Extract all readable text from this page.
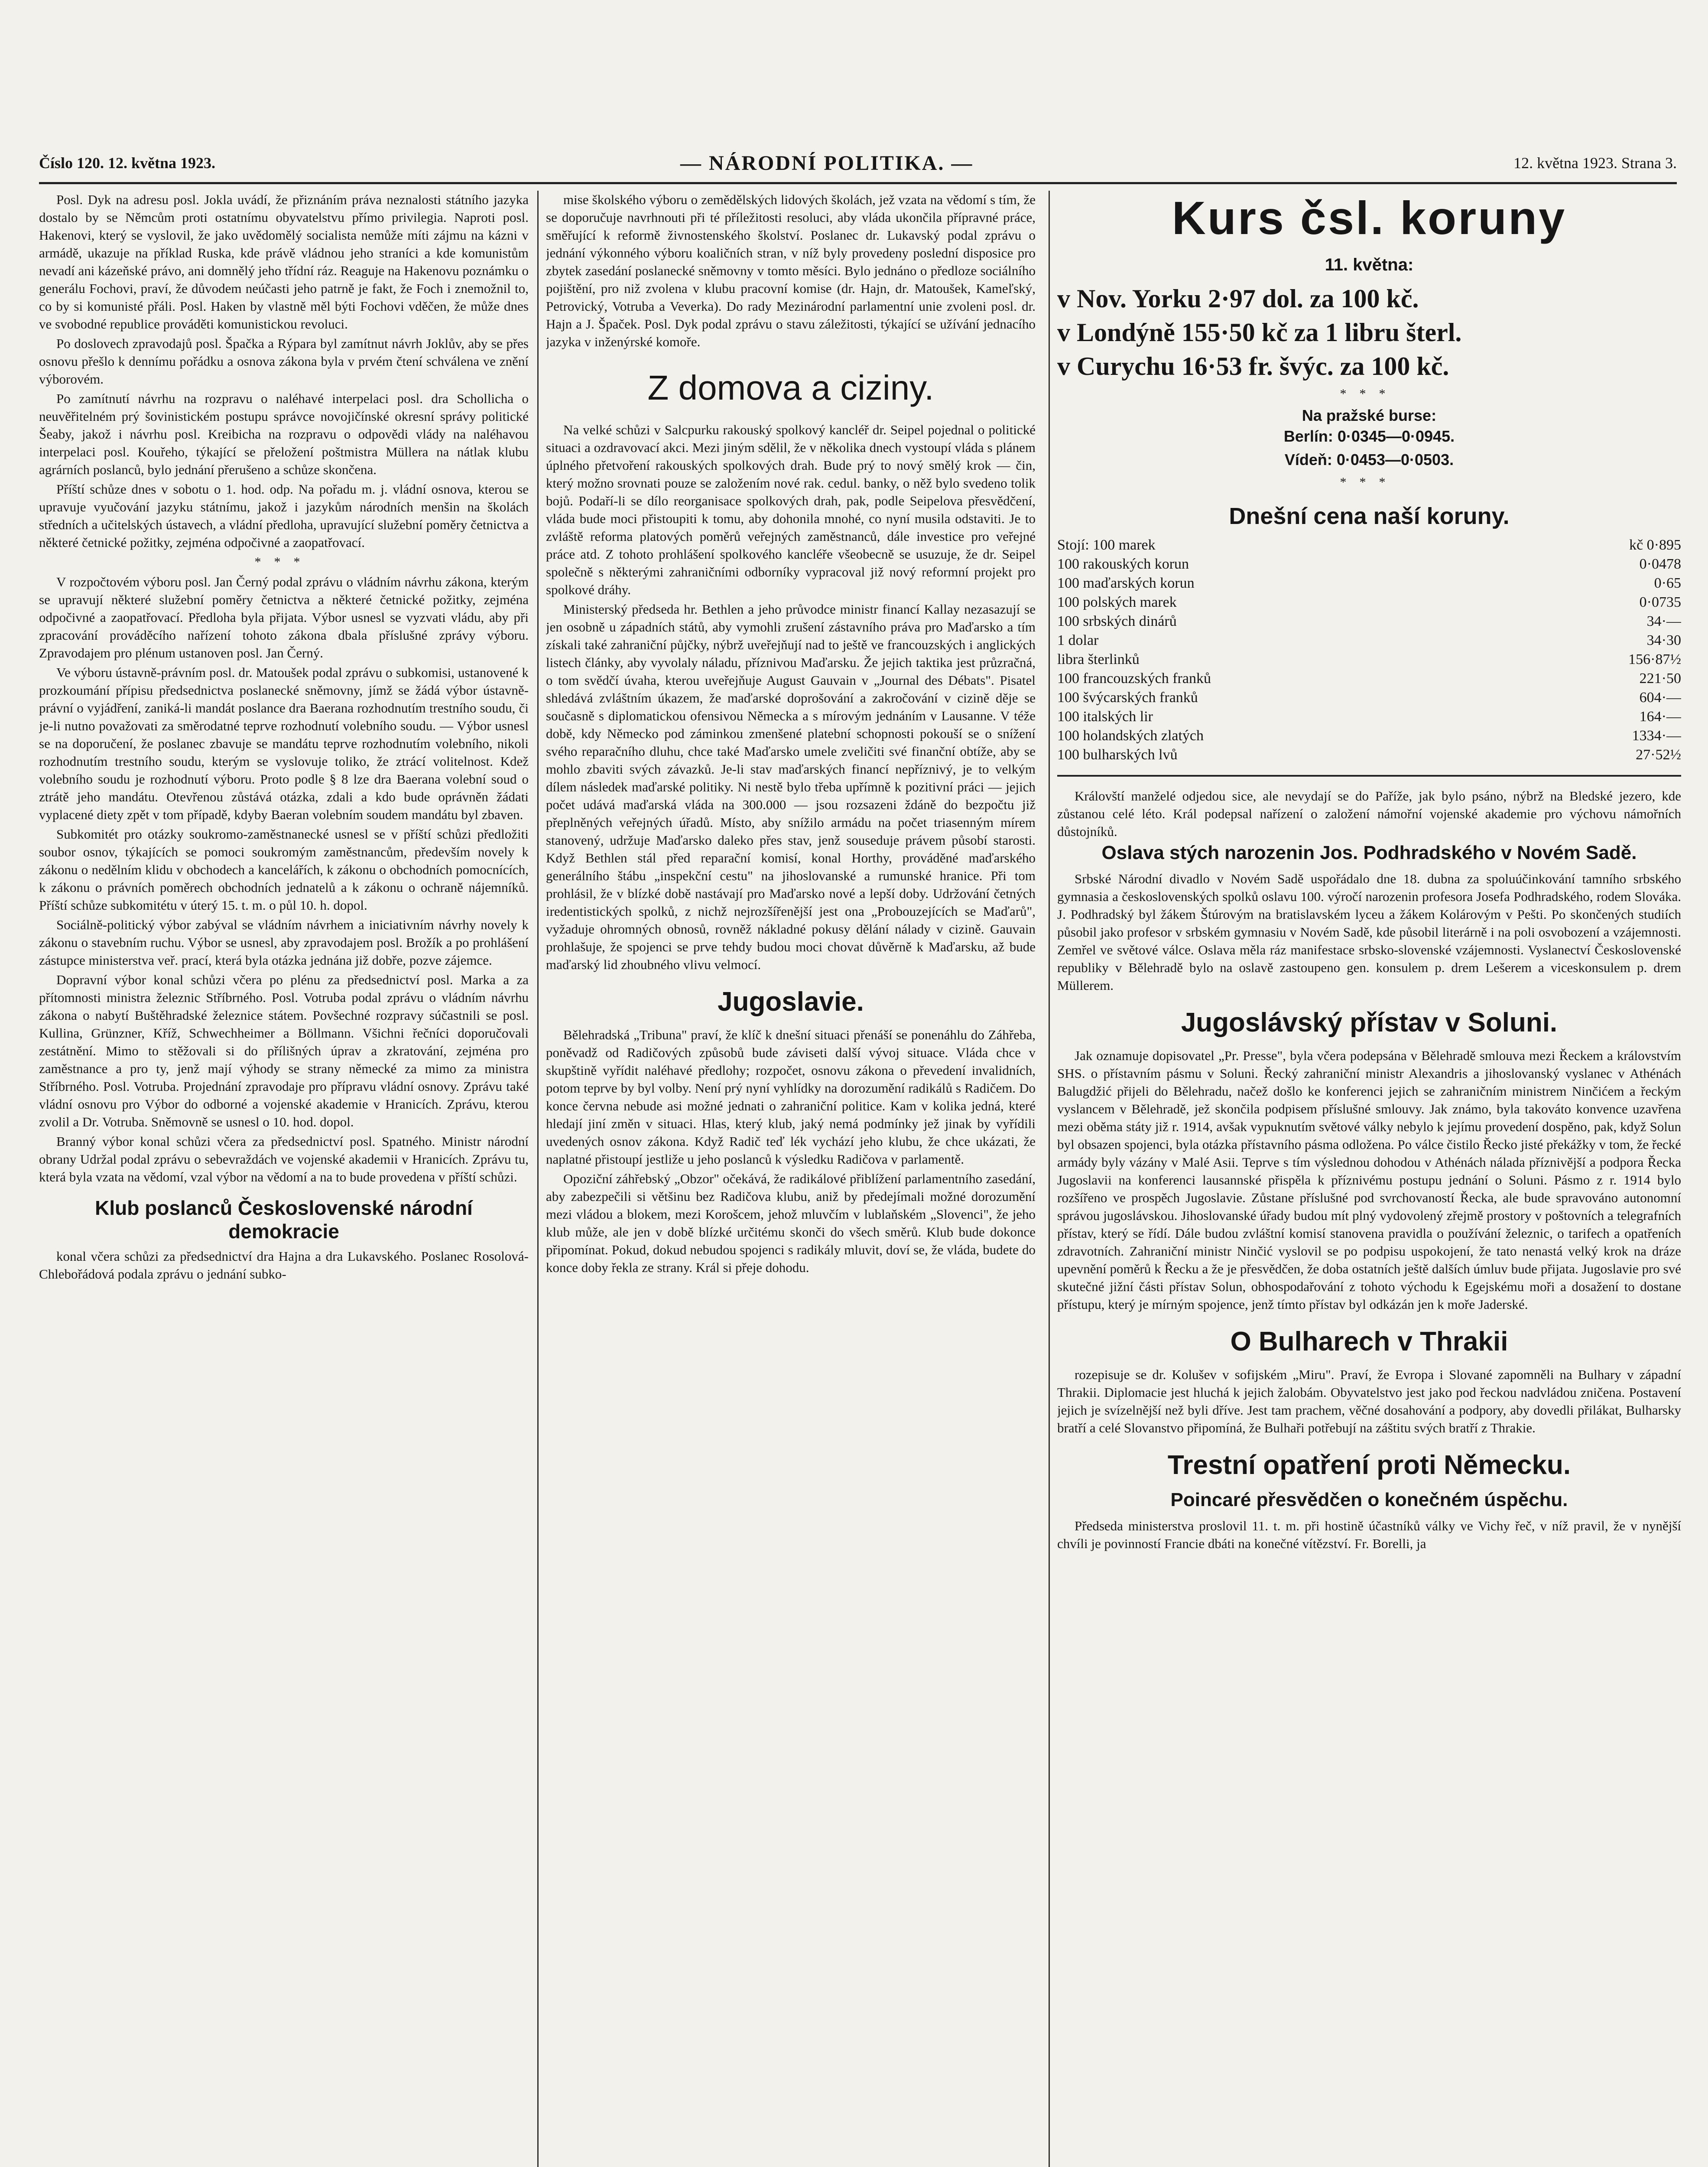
Číslo 120. 12. května 1923.	— NÁRODNÍ POLITIKA. —	12. května 1923. Strana 3.

Posl. Dyk na adresu posl. Jokla uvádí, že přiznáním práva neznalosti státního jazyka dostalo by se Němcům proti ostatnímu obyvatelstvu přímo privilegia. Naproti posl. Hakenovi, který se vyslovil, že jako uvědomělý socialista nemůže míti zájmu na kázni v armádě, ukazuje na příklad Ruska, kde právě vládnou jeho straníci a kde komunistům nevadí ani kázeňské právo, ani domnělý jeho třídní ráz. Reaguje na Hakenovu poznámku o generálu Fochovi, praví, že důvodem neúčasti jeho patrně je fakt, že Foch i znemožnil to, co by si komunisté přáli. Posl. Haken by vlastně měl býti Fochovi vděčen, že může dnes ve svobodné republice prováděti komunistickou revoluci.

Po doslovech zpravodajů posl. Špačka a Rýpara byl zamítnut návrh Joklův, aby se přes osnovu přešlo k dennímu pořádku a osnova zákona byla v prvém čtení schválena ve znění výborovém.

Po zamítnutí návrhu na rozpravu o naléhavé interpelaci posl. dra Schollicha o neuvěřitelném prý šovinistickém postupu správce novojičínské okresní správy politické Šeaby, jakož i návrhu posl. Kreibicha na rozpravu o odpovědi vlády na naléhavou interpelaci posl. Kouřeho, týkající se přeložení poštmistra Müllera na nátlak klubu agrárních poslanců, bylo jednání přerušeno a schůze skončena.

Příští schůze dnes v sobotu o 1. hod. odp. Na pořadu m. j. vládní osnova, kterou se upravuje vyučování jazyku státnímu, jakož i jazykům národních menšin na školách středních a učitelských ústavech, a vládní předloha, upravující služební poměry četnictva a některé četnické požitky, zejména odpočivné a zaopatřovací.

***

V rozpočtovém výboru posl. Jan Černý podal zprávu o vládním návrhu zákona, kterým se upravují některé služební poměry četnictva a některé četnické požitky, zejména odpočivné a zaopatřovací. Předloha byla přijata. Výbor usnesl se vyzvati vládu, aby při zpracování prováděcího nařízení tohoto zákona dbala příslušné zprávy výboru. Zpravodajem pro plénum ustanoven posl. Jan Černý.

Ve výboru ústavně-právním posl. dr. Matoušek podal zprávu o subkomisi, ustanovené k prozkoumání přípisu předsednictva poslanecké sněmovny, jímž se žádá výbor ústavně-právní o vyjádření, zaniká-li mandát poslance dra Baerana rozhodnutím trestního soudu, či je-li nutno považovati za směrodatné teprve rozhodnutí volebního soudu. — Výbor usnesl se na doporučení, že poslanec zbavuje se mandátu teprve rozhodnutím volebního, nikoli rozhodnutím trestního soudu, kterým se vyslovuje toliko, že ztrácí volitelnost. Kdež volebního soudu je rozhodnutí výboru. Proto podle § 8 lze dra Baerana volební soud o ztrátě jeho mandátu. Otevřenou zůstává otázka, zdali a kdo bude oprávněn žádati vyplacené diety zpět v tom případě, kdyby Baeran volebním soudem mandátu byl zbaven.

Subkomitét pro otázky soukromo-zaměstnanecké usnesl se v příští schůzi předložiti soubor osnov, týkajících se pomoci soukromým zaměstnancům, především novely k zákonu o nedělním klidu v obchodech a kancelářích, k zákonu o obchodních pomocnících, k zákonu o právních poměrech obchodních jednatelů a k zákonu o ochraně nájemníků. Příští schůze subkomitétu v úterý 15. t. m. o půl 10. h. dopol.

Sociálně-politický výbor zabýval se vládním návrhem a iniciativním návrhy novely k zákonu o stavebním ruchu. Výbor se usnesl, aby zpravodajem posl. Brožík a po prohlášení zástupce ministerstva veř. prací, která byla otázka jednána již dobře, pozve zájemce.

Dopravní výbor konal schůzi včera po plénu za předsednictví posl. Marka a za přítomnosti ministra železnic Stříbrného. Posl. Votruba podal zprávu o vládním návrhu zákona o nabytí Buštěhradské železnice státem. Povšechné rozpravy súčastnili se posl. Kullina, Grünzner, Kříž, Schwechheimer a Böllmann. Všichni řečníci doporučovali zestátnění. Mimo to stěžovali si do přílišných úprav a zkratování, zejména pro zaměstnance a pro ty, jenž mají výhody se strany německé za mimo za ministra Stříbrného. Posl. Votruba. Projednání zpravodaje pro přípravu vládní osnovy. Zprávu také vládní osnovu pro Výbor do odborné a vojenské akademie v Hranicích. Zprávu, kterou zvolil a Dr. Votruba. Sněmovně se usnesl o 10. hod. dopol.

Branný výbor konal schůzi včera za předsednictví posl. Spatného. Ministr národní obrany Udržal podal zprávu o sebevraždách ve vojenské akademii v Hranicích. Zprávu tu, která byla vzata na vědomí, vzal výbor na vědomí a na to bude provedena v příští schůzi.

Klub poslanců Československé národní demokracie

konal včera schůzi za předsednictví dra Hajna a dra Lukavského. Poslanec Rosolová-Chlebořádová podala zprávu o jednání subko-

mise školského výboru o zemědělských lidových školách, jež vzata na vědomí s tím, že se doporučuje navrhnouti při té příležitosti resoluci, aby vláda ukončila přípravné práce, směřující k reformě živnostenského školství. Poslanec dr. Lukavský podal zprávu o jednání výkonného výboru koaličních stran, v níž byly provedeny poslední disposice pro zbytek zasedání poslanecké sněmovny v tomto měsíci. Bylo jednáno o předloze sociálního pojištění, pro niž zvolena v klubu pracovní komise (dr. Hajn, dr. Matoušek, Kameľský, Petrovický, Votruba a Veverka). Do rady Mezinárodní parlamentní unie zvoleni posl. dr. Hajn a J. Špaček. Posl. Dyk podal zprávu o stavu záležitosti, týkající se užívání jednacího jazyka v inženýrské komoře.

Z domova a ciziny.

Na velké schůzi v Salcpurku rakouský spolkový kancléř dr. Seipel pojednal o politické situaci a ozdravovací akci. Mezi jiným sdělil, že v několika dnech vystoupí vláda s plánem úplného přetvoření rakouských spolkových drah. Bude prý to nový smělý krok — čin, který možno srovnati pouze se založením nové rak. cedul. banky, o něž bylo svedeno tolik bojů. Podaří-li se dílo reorganisace spolkových drah, pak, podle Seipelova přesvědčení, vláda bude moci přistoupiti k tomu, aby dohonila mnohé, co nyní musila odstaviti. Je to zvláště reforma platových poměrů veřejných zaměstnanců, dále investice pro veřejné práce atd. Z tohoto prohlášení spolkového kancléře všeobecně se usuzuje, že dr. Seipel společně s některými zahraničními odborníky vypracoval již nový reformní projekt pro spolkové dráhy.

Ministerský předseda hr. Bethlen a jeho průvodce ministr financí Kallay nezasazují se jen osobně u západních států, aby vymohli zrušení zástavního práva pro Maďarsko a tím získali také zahraniční půjčky, nýbrž uveřejňují nad to ještě ve francouzských i anglických listech články, aby vyvolaly náladu, příznivou Maďarsku. Že jejich taktika jest průzračná, o tom svědčí úvaha, kterou uveřejňuje August Gauvain v „Journal des Débats". Pisatel shledává zvláštním úkazem, že maďarské doprošování a zakročování v cizině děje se současně s diplomatickou ofensivou Německa a s mírovým jednáním v Lausanne. V téže době, kdy Německo pod záminkou zmenšené platební schopnosti pokouší se o snížení svého reparačního dluhu, chce také Maďarsko umele zveličiti své finanční obtíže, aby se mohlo zbaviti svých závazků. Je-li stav maďarských financí nepříznivý, je to velkým dílem následek maďarské politiky. Ni nestě bylo třeba upřímně k pozitivní práci — jejich počet udává maďarská vláda na 300.000 — jsou rozsazeni ždáně do bezpočtu již přeplněných veřejných úřadů. Místo, aby snížilo armádu na počet triasenným mírem stanovený, udržuje Maďarsko daleko přes stav, jenž souseduje právem působí starosti. Když Bethlen stál před reparační komisí, konal Horthy, prováděné maďarského generálního štábu „inspekční cestu" na jihoslovanské a rumunské hranice. Při tom prohlásil, že v blízké době nastávají pro Maďarsko nové a lepší doby. Udržování četných iredentistických spolků, z nichž nejrozšířenější jest ona „Probouzejících se Maďarů", vyžaduje ohromných obnosů, rovněž nákladné pokusy dělání nálady v cizině. Gauvain prohlašuje, že spojenci se prve tehdy budou moci chovat důvěrně k Maďarsku, až bude maďarský lid zhoubného vlivu velmocí.

Jugoslavie.

Bělehradská „Tribuna" praví, že klíč k dnešní situaci přenáší se ponenáhlu do Záhřeba, poněvadž od Radičových způsobů bude záviseti další vývoj situace. Vláda chce v skupštině vyřídit naléhavé předlohy; rozpočet, osnovu zákona o převedení invalidních, potom teprve by byl volby. Není prý nyní vyhlídky na dorozumění radikálů s Radičem. Do konce června nebude asi možné jednati o zahraniční politice. Kam v kolika jedná, které hledají jiní změn v situaci. Hlas, který klub, jaký nemá podmínky jež jinak by vyřídili uvedených osnov zákona. Když Radič teď lék vychází jeho klubu, že chce ukázati, že naplatné přistoupí jestliže u jeho poslanců k výsledku Radičova v parlamentě.

Opoziční záhřebský „Obzor" očekává, že radikálové přiblížení parlamentního zasedání, aby zabezpečili si většinu bez Radičova klubu, aniž by předejímali možné dorozumění mezi vládou a blokem, mezi Korošcem, jehož mluvčím v lublaňském „Slovenci", že jeho klub může, ale jen v době blízké určitému skonči do všech směrů. Klub bude dokonce připomínat. Pokud, dokud nebudou spojenci s radikály mluvit, doví se, že vláda, budete do konce doby řekla ze strany. Král si přeje dohodu.

Kurs čsl. koruny
11. května:
v Nov. Yorku 2·97 dol. za 100 kč.
v Londýně 155·50 kč za 1 libru šterl.
v Curychu 16·53 fr. švýc. za 100 kč.
***
Na pražské burse:
Berlín: 0·0345—0·0945.
Vídeň: 0·0453—0·0503.
***
Dnešní cena naší koruny.
Stojí: 100 marek	kč 0·895
100 rakouských korun	0·0478
100 maďarských korun	0·65
100 polských marek	0·0735
100 srbských dinárů	34·—
1 dolar	34·30
libra šterlinků	156·87½
100 francouzských franků	221·50
100 švýcarských franků	604·—
100 italských lir	164·—
100 holandských zlatých	1334·—
100 bulharských lvů	27·52½

Královští manželé odjedou sice, ale nevydají se do Paříže, jak bylo psáno, nýbrž na Bledské jezero, kde zůstanou celé léto. Král podepsal nařízení o založení námořní vojenské akademie pro výchovu námořních důstojníků.

Oslava stých narozenin Jos. Podhradského v Novém Sadě.

Srbské Národní divadlo v Novém Sadě uspořádalo dne 18. dubna za spoluúčinkování tamního srbského gymnasia a československých spolků oslavu 100. výročí narozenin profesora Josefa Podhradského, rodem Slováka. J. Podhradský byl žákem Štúrovým na bratislavském lyceu a žákem Kolárovým v Pešti. Po skončených studiích působil jako profesor v srbském gymnasiu v Novém Sadě, kde působil literárně i na poli osvobození a vzájemnosti. Zemřel ve světové válce. Oslava měla ráz manifestace srbsko-slovenské vzájemnosti. Vyslanectví Československé republiky v Bělehradě bylo na oslavě zastoupeno gen. konsulem p. drem Lešerem a viceskonsulem p. drem Müllerem.

Jugoslávský přístav v Soluni.

Jak oznamuje dopisovatel „Pr. Presse", byla včera podepsána v Bělehradě smlouva mezi Řeckem a královstvím SHS. o přístavním pásmu v Soluni. Řecký zahraniční ministr Alexandris a jihoslovanský vyslanec v Athénách Balugdžić přijeli do Bělehradu, načež došlo ke konferenci jejich se zahraničním ministrem Ninčićem a řeckým vyslancem v Bělehradě, jež skončila podpisem příslušné smlouvy. Jak známo, byla takováto konvence uzavřena mezi oběma státy již r. 1914, avšak vypuknutím světové války nebylo k jejímu provedení dospěno, pak, když Solun byl obsazen spojenci, byla otázka přístavního pásma odložena. Po válce čistilo Řecko jisté překážky v tom, že řecké armády byly vázány v Malé Asii. Teprve s tím výslednou dohodou v Athénách nálada příznivější a podpora Řecka Jugoslavii na konferenci lausannské přispěla k příznivému postupu jednání o Soluni. Pásmo z r. 1914 bylo rozšířeno ve prospěch Jugoslavie. Zůstane příslušné pod svrchovaností Řecka, ale bude spravováno autonomní správou jugoslávskou. Jihoslovanské úřady budou mít plný vydovolený zřejmě prostory v poštovních a telegrafních přístav, který se řídí. Dále budou zvláštní komisí stanovena pravidla o používání železnic, o tarifech a opatřeních zdravotních. Zahraniční ministr Ninčić vyslovil se po podpisu uspokojení, že tato nenastá velký krok na dráze upevnění poměrů k Řecku a že je přesvědčen, že doba ostatních ještě dalších úmluv bude přijata. Jugoslavie pro své skutečné jižní části přístav Solun, obhospodařování z tohoto východu k Egejskému moři a dosažení to dostane přístupu, který je mírným spojence, jenž tímto přístav byl odkázán jen k moře Jaderské.

O Bulharech v Thrakii

rozepisuje se dr. Kolušev v sofijském „Miru". Praví, že Evropa i Slované zapomněli na Bulhary v západní Thrakii. Diplomacie jest hluchá k jejich žalobám. Obyvatelstvo jest jako pod řeckou nadvládou zničena. Postavení jejich je svízelnější než byli dříve. Jest tam prachem, věčné dosahování a podpory, aby dovedli přilákat, Bulharsky bratří a celé Slovanstvo připomíná, že Bulhaři potřebují na záštitu svých bratří z Thrakie.

Trestní opatření proti Německu.
Poincaré přesvědčen o konečném úspěchu.

Předseda ministerstva proslovil 11. t. m. při hostině účastníků války ve Vichy řeč, v níž pravil, že v nynější chvíli je povinností Francie dbáti na konečné vítězství. Fr. Borelli, ja
